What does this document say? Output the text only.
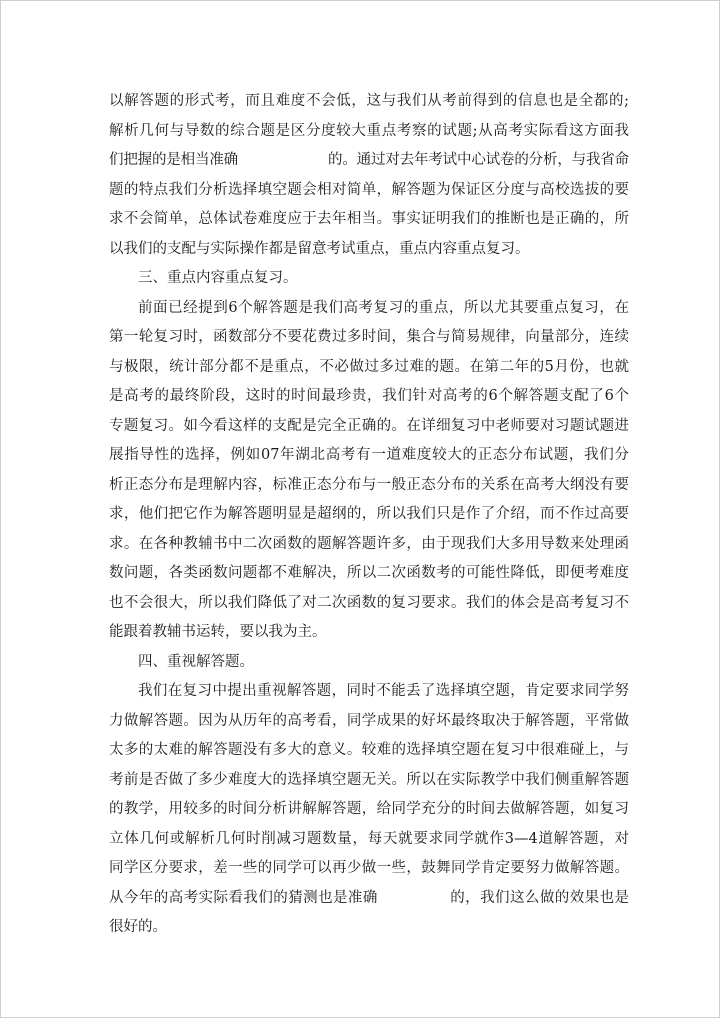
以解答题的形式考，而且难度不会低，这与我们从考前得到的信息也是全都的;
解析几何与导数的综合题是区分度较大重点考察的试题;从高考实际看这方面我
们把握的是相当准确	的。通过对去年考试中心试卷的分析，与我省命
题的特点我们分析选择填空题会相对简单，解答题为保证区分度与高校选拔的要
求不会简单，总体试卷难度应于去年相当。事实证明我们的推断也是正确的，所
以我们的支配与实际操作都是留意考试重点，重点内容重点复习。
三、重点内容重点复习。
前面已经提到6个解答题是我们高考复习的重点，所以尤其要重点复习，在
第一轮复习时，函数部分不要花费过多时间，集合与简易规律，向量部分，连续
与极限，统计部分都不是重点，不必做过多过难的题。在第二年的5月份，也就
是高考的最终阶段，这时的时间最珍贵，我们针对高考的6个解答题支配了6个
专题复习。如今看这样的支配是完全正确的。在详细复习中老师要对习题试题进
展指导性的选择，例如07年湖北高考有一道难度较大的正态分布试题，我们分
析正态分布是理解内容，标准正态分布与一般正态分布的关系在高考大纲没有要
求，他们把它作为解答题明显是超纲的，所以我们只是作了介绍，而不作过高要
求。在各种教辅书中二次函数的题解答题许多，由于现我们大多用导数来处理函
数问题，各类函数问题都不难解决，所以二次函数考的可能性降低，即便考难度
也不会很大，所以我们降低了对二次函数的复习要求。我们的体会是高考复习不
能跟着教辅书运转，要以我为主。
四、重视解答题。
我们在复习中提出重视解答题，同时不能丢了选择填空题，肯定要求同学努
力做解答题。因为从历年的高考看，同学成果的好坏最终取决于解答题，平常做
太多的太难的解答题没有多大的意义。较难的选择填空题在复习中很难碰上，与
考前是否做了多少难度大的选择填空题无关。所以在实际教学中我们侧重解答题
的教学，用较多的时间分析讲解解答题，给同学充分的时间去做解答题，如复习
立体几何或解析几何时削减习题数量，每天就要求同学就作3—4道解答题，对
同学区分要求，差一些的同学可以再少做一些，鼓舞同学肯定要努力做解答题。
从今年的高考实际看我们的猜测也是准确	的，我们这么做的效果也是
很好的。
